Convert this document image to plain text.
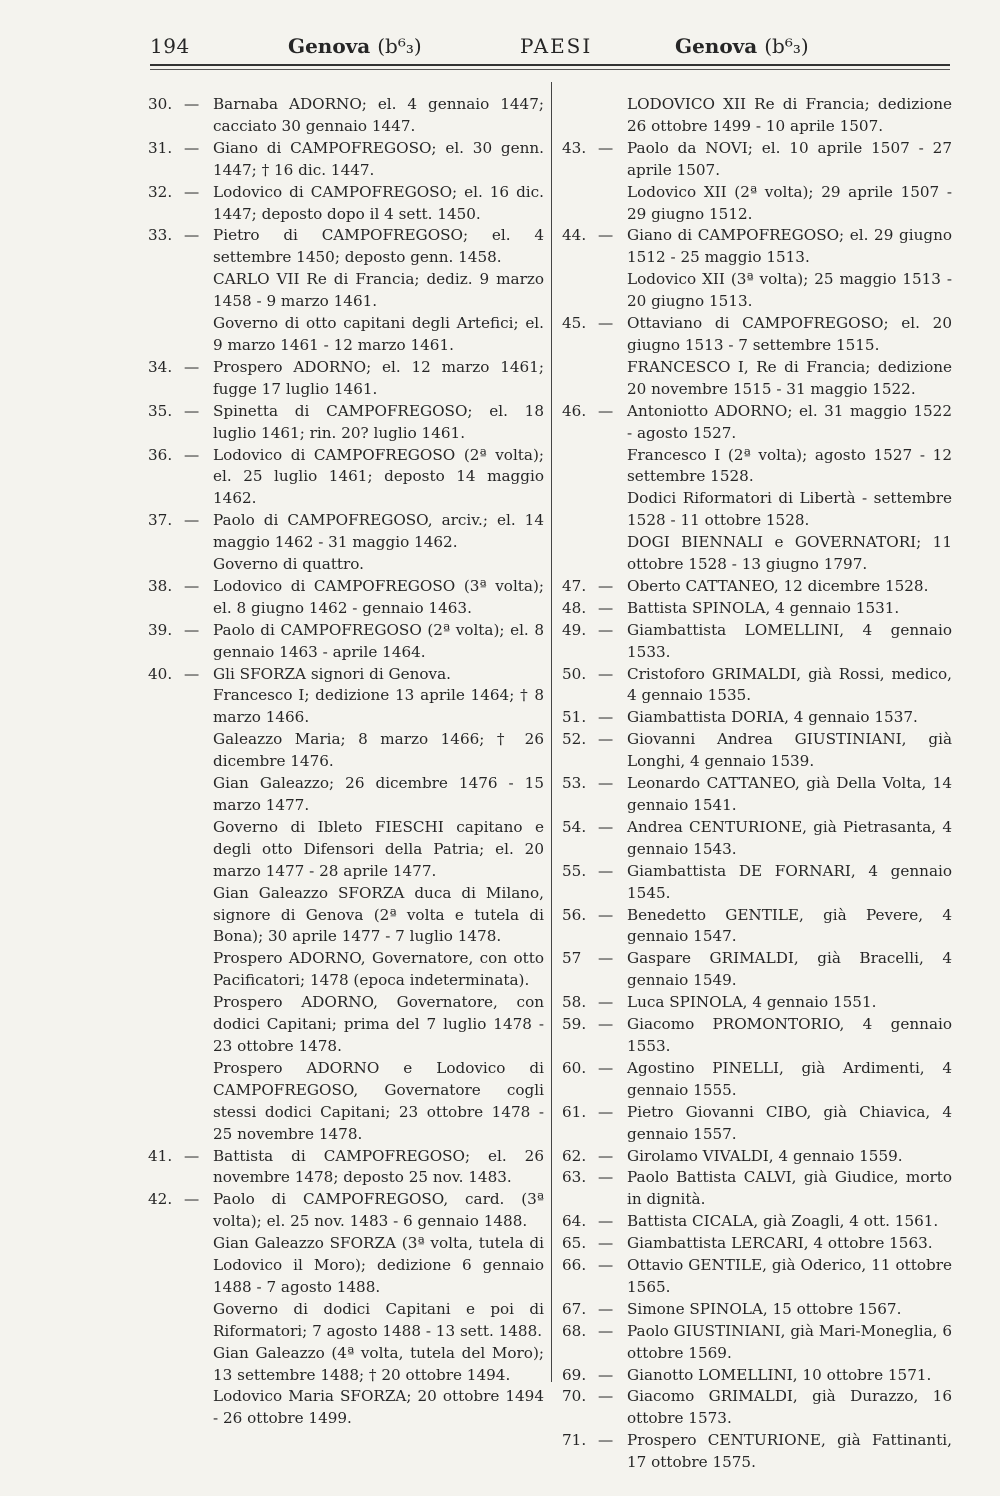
194	Genova (b⁶₃)	PAESI	Genova (b⁶₃)
30. — Barnaba ADORNO; el. 4 gennaio 1447; cacciato 30 gennaio 1447.
31. — Giano di CAMPOFREGOSO; el. 30 genn. 1447; † 16 dic. 1447.
32. — Lodovico di CAMPOFREGOSO; el. 16 dic. 1447; deposto dopo il 4 sett. 1450.
33. — Pietro di CAMPOFREGOSO; el. 4 settembre 1450; deposto genn. 1458.
CARLO VII Re di Francia; dediz. 9 marzo 1458 - 9 marzo 1461.
Governo di otto capitani degli Artefici; el. 9 marzo 1461 - 12 marzo 1461.
34. — Prospero ADORNO; el. 12 marzo 1461; fugge 17 luglio 1461.
35. — Spinetta di CAMPOFREGOSO; el. 18 luglio 1461; rin. 20? luglio 1461.
36. — Lodovico di CAMPOFREGOSO (2ª volta); el. 25 luglio 1461; deposto 14 maggio 1462.
37. — Paolo di CAMPOFREGOSO, arciv.; el. 14 maggio 1462 - 31 maggio 1462.
Governo di quattro.
38. — Lodovico di CAMPOFREGOSO (3ª volta); el. 8 giugno 1462 - gennaio 1463.
39. — Paolo di CAMPOFREGOSO (2ª volta); el. 8 gennaio 1463 - aprile 1464.
40. — Gli SFORZA signori di Genova.
Francesco I; dedizione 13 aprile 1464; † 8 marzo 1466.
Galeazzo Maria; 8 marzo 1466; † 26 dicembre 1476.
Gian Galeazzo; 26 dicembre 1476 - 15 marzo 1477.
Governo di Ibleto FIESCHI capitano e degli otto Difensori della Patria; el. 20 marzo 1477 - 28 aprile 1477.
Gian Galeazzo SFORZA duca di Milano, signore di Genova (2ª volta e tutela di Bona); 30 aprile 1477 - 7 luglio 1478.
Prospero ADORNO, Governatore, con otto Pacificatori; 1478 (epoca indeterminata).
Prospero ADORNO, Governatore, con dodici Capitani; prima del 7 luglio 1478 - 23 ottobre 1478.
Prospero ADORNO e Lodovico di CAMPOFREGOSO, Governatore cogli stessi dodici Capitani; 23 ottobre 1478 - 25 novembre 1478.
41. — Battista di CAMPOFREGOSO; el. 26 novembre 1478; deposto 25 nov. 1483.
42. — Paolo di CAMPOFREGOSO, card. (3ª volta); el. 25 nov. 1483 - 6 gennaio 1488.
Gian Galeazzo SFORZA (3ª volta, tutela di Lodovico il Moro); dedizione 6 gennaio 1488 - 7 agosto 1488.
Governo di dodici Capitani e poi di Riformatori; 7 agosto 1488 - 13 sett. 1488.
Gian Galeazzo (4ª volta, tutela del Moro); 13 settembre 1488; † 20 ottobre 1494.
Lodovico Maria SFORZA; 20 ottobre 1494 - 26 ottobre 1499.
LODOVICO XII Re di Francia; dedizione 26 ottobre 1499 - 10 aprile 1507.
43. — Paolo da NOVI; el. 10 aprile 1507 - 27 aprile 1507.
Lodovico XII (2ª volta); 29 aprile 1507 - 29 giugno 1512.
44. — Giano di CAMPOFREGOSO; el. 29 giugno 1512 - 25 maggio 1513.
Lodovico XII (3ª volta); 25 maggio 1513 - 20 giugno 1513.
45. — Ottaviano di CAMPOFREGOSO; el. 20 giugno 1513 - 7 settembre 1515.
FRANCESCO I, Re di Francia; dedizione 20 novembre 1515 - 31 maggio 1522.
46. — Antoniotto ADORNO; el. 31 maggio 1522 - agosto 1527.
Francesco I (2ª volta); agosto 1527 - 12 settembre 1528.
Dodici Riformatori di Libertà - settembre 1528 - 11 ottobre 1528.
DOGI BIENNALI e GOVERNATORI; 11 ottobre 1528 - 13 giugno 1797.
47. — Oberto CATTANEO, 12 dicembre 1528.
48. — Battista SPINOLA, 4 gennaio 1531.
49. — Giambattista LOMELLINI, 4 gennaio 1533.
50. — Cristoforo GRIMALDI, già Rossi, medico, 4 gennaio 1535.
51. — Giambattista DORIA, 4 gennaio 1537.
52. — Giovanni Andrea GIUSTINIANI, già Longhi, 4 gennaio 1539.
53. — Leonardo CATTANEO, già Della Volta, 14 gennaio 1541.
54. — Andrea CENTURIONE, già Pietrasanta, 4 gennaio 1543.
55. — Giambattista DE FORNARI, 4 gennaio 1545.
56. — Benedetto GENTILE, già Pevere, 4 gennaio 1547.
57 — Gaspare GRIMALDI, già Bracelli, 4 gennaio 1549.
58. — Luca SPINOLA, 4 gennaio 1551.
59. — Giacomo PROMONTORIO, 4 gennaio 1553.
60. — Agostino PINELLI, già Ardimenti, 4 gennaio 1555.
61. — Pietro Giovanni CIBO, già Chiavica, 4 gennaio 1557.
62. — Girolamo VIVALDI, 4 gennaio 1559.
63. — Paolo Battista CALVI, già Giudice, morto in dignità.
64. — Battista CICALA, già Zoagli, 4 ott. 1561.
65. — Giambattista LERCARI, 4 ottobre 1563.
66. — Ottavio GENTILE, già Oderico, 11 ottobre 1565.
67. — Simone SPINOLA, 15 ottobre 1567.
68. — Paolo GIUSTINIANI, già Mari-Moneglia, 6 ottobre 1569.
69. — Gianotto LOMELLINI, 10 ottobre 1571.
70. — Giacomo GRIMALDI, già Durazzo, 16 ottobre 1573.
71. — Prospero CENTURIONE, già Fattinanti, 17 ottobre 1575.
